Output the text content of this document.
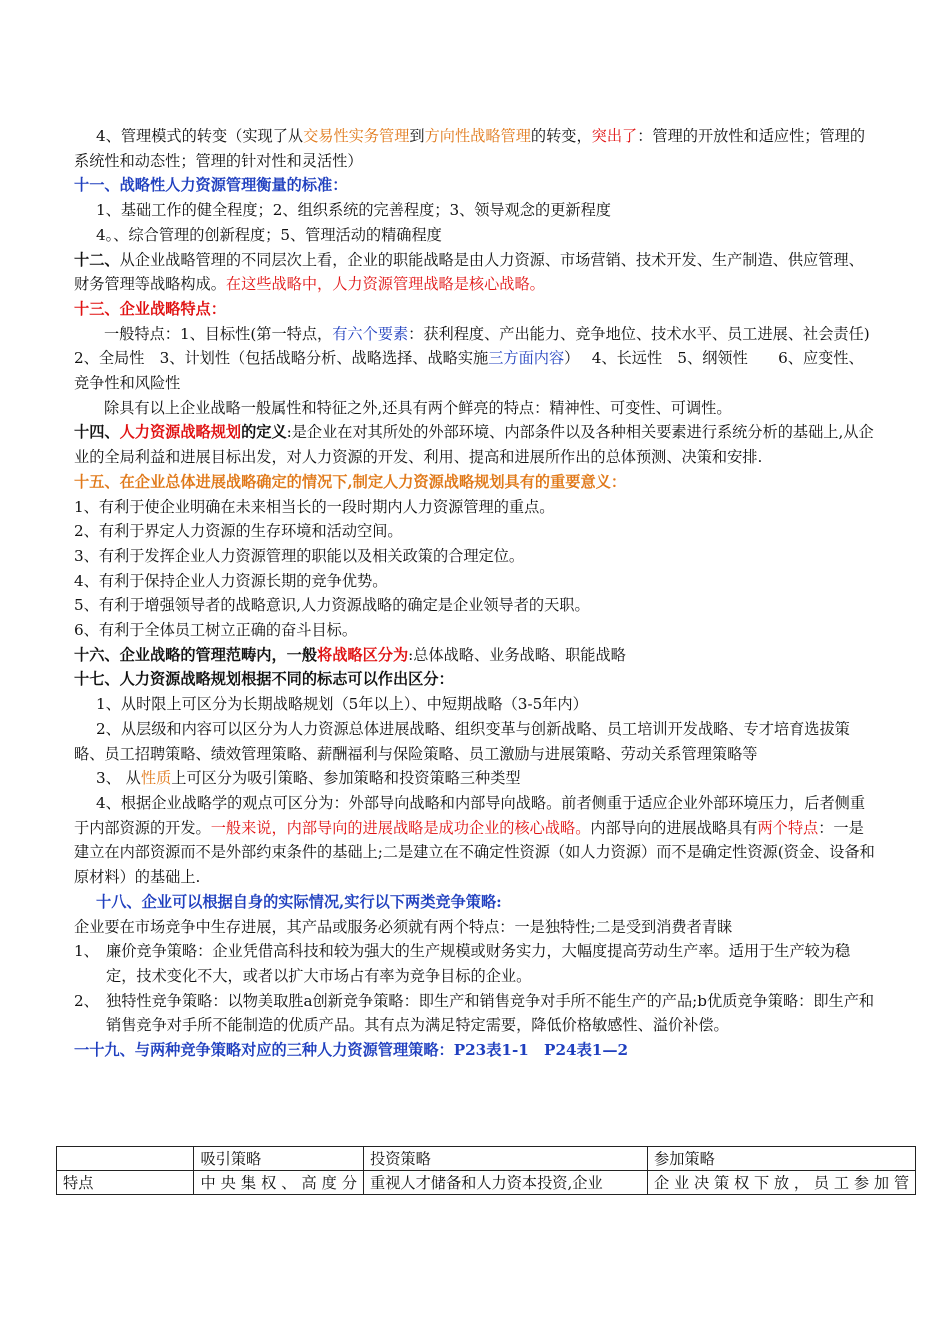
4、管理模式的转变（实现了从交易性实务管理到方向性战略管理的转变，突出了：管理的开放性和适应性；管理的系统性和动态性；管理的针对性和灵活性）

十一、战略性人力资源管理衡量的标准：

1、基础工作的健全程度；2、组织系统的完善程度；3、领导观念的更新程度

4。、综合管理的创新程度；5、管理活动的精确程度

十二、从企业战略管理的不同层次上看，企业的职能战略是由人力资源、市场营销、技术开发、生产制造、供应管理、财务管理等战略构成。在这些战略中，人力资源管理战略是核心战略。

十三、企业战略特点：

一般特点：1、目标性(第一特点，有六个要素：获利程度、产出能力、竞争地位、技术水平、员工进展、社会责任)　2、全局性　3、计划性（包括战略分析、战略选择、战略实施三方面内容）　 4、长远性　5、纲领性　　6、应变性、竞争性和风险性

除具有以上企业战略一般属性和特征之外,还具有两个鲜亮的特点：精神性、可变性、可调性。

十四、人力资源战略规划的定义:是企业在对其所处的外部环境、内部条件以及各种相关要素进行系统分析的基础上,从企业的全局利益和进展目标出发，对人力资源的开发、利用、提高和进展所作出的总体预测、决策和安排.

十五、在企业总体进展战略确定的情况下,制定人力资源战略规划具有的重要意义：

1、有利于使企业明确在未来相当长的一段时期内人力资源管理的重点。

2、有利于界定人力资源的生存环境和活动空间。

3、有利于发挥企业人力资源管理的职能以及相关政策的合理定位。

4、有利于保持企业人力资源长期的竞争优势。

5、有利于增强领导者的战略意识,人力资源战略的确定是企业领导者的天职。

6、有利于全体员工树立正确的奋斗目标。

十六、企业战略的管理范畴内，一般将战略区分为:总体战略、业务战略、职能战略

十七、人力资源战略规划根据不同的标志可以作出区分：

1、从时限上可区分为长期战略规划（5年以上）、中短期战略（3-5年内）

2、从层级和内容可以区分为人力资源总体进展战略、组织变革与创新战略、员工培训开发战略、专才培育选拔策略、员工招聘策略、绩效管理策略、薪酬福利与保险策略、员工激励与进展策略、劳动关系管理策略等

3、 从性质上可区分为吸引策略、参加策略和投资策略三种类型

4、根据企业战略学的观点可区分为：外部导向战略和内部导向战略。前者侧重于适应企业外部环境压力，后者侧重于内部资源的开发。一般来说，内部导向的进展战略是成功企业的核心战略。内部导向的进展战略具有两个特点：一是建立在内部资源而不是外部约束条件的基础上;二是建立在不确定性资源（如人力资源）而不是确定性资源(资金、设备和原材料）的基础上.

十八、企业可以根据自身的实际情况,实行以下两类竞争策略:

企业要在市场竞争中生存进展，其产品或服务必须就有两个特点：一是独特性;二是受到消费者青睐

1、 廉价竞争策略：企业凭借高科技和较为强大的生产规模或财务实力，大幅度提高劳动生产率。适用于生产较为稳定，技术变化不大，或者以扩大市场占有率为竞争目标的企业。

2、 独特性竞争策略：以物美取胜a创新竞争策略：即生产和销售竞争对手所不能生产的产品;b优质竞争策略：即生产和销售竞争对手所不能制造的优质产品。其有点为满足特定需要，降低价格敏感性、溢价补偿。

一十九、与两种竞争策略对应的三种人力资源管理策略：P23表1-1　P24表1—2

	吸引策略	投资策略	参加策略
特点	中央集权、高度分	重视人才储备和人力资本投资,企业	企业决策权下放，员工参加管
